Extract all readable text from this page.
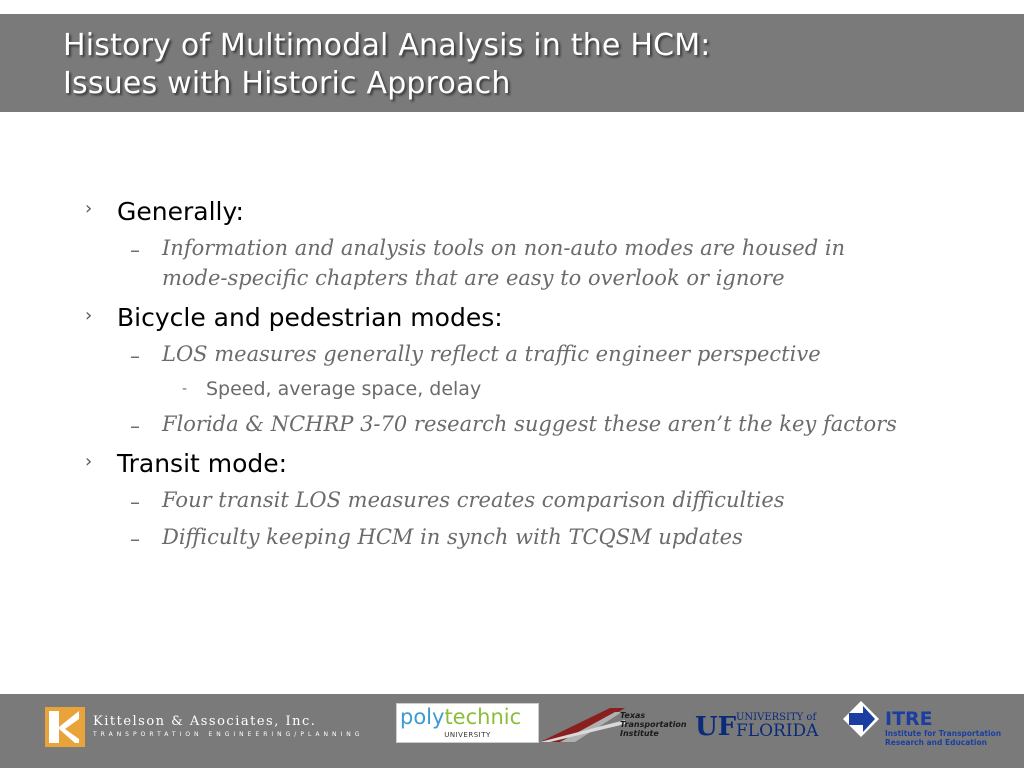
History of Multimodal Analysis in the HCM:
Issues with Historic Approach
› Generally:
– Information and analysis tools on non-auto modes are housed in
mode-specific chapters that are easy to overlook or ignore
› Bicycle and pedestrian modes:
– LOS measures generally reflect a traffic engineer perspective
- Speed, average space, delay
– Florida & NCHRP 3-70 research suggest these aren’t the key factors
› Transit mode:
– Four transit LOS measures creates comparison difficulties
– Difficulty keeping HCM in synch with TCQSM updates
Kittelson & Associates, Inc.
TRANSPORTATION ENGINEERING/PLANNING
polytechnic
UNIVERSITY
Texas
Transportation
Institute	UF UNIVERSITY of
FLORIDA
ITRE
Institute for Transportation
Research and Education
